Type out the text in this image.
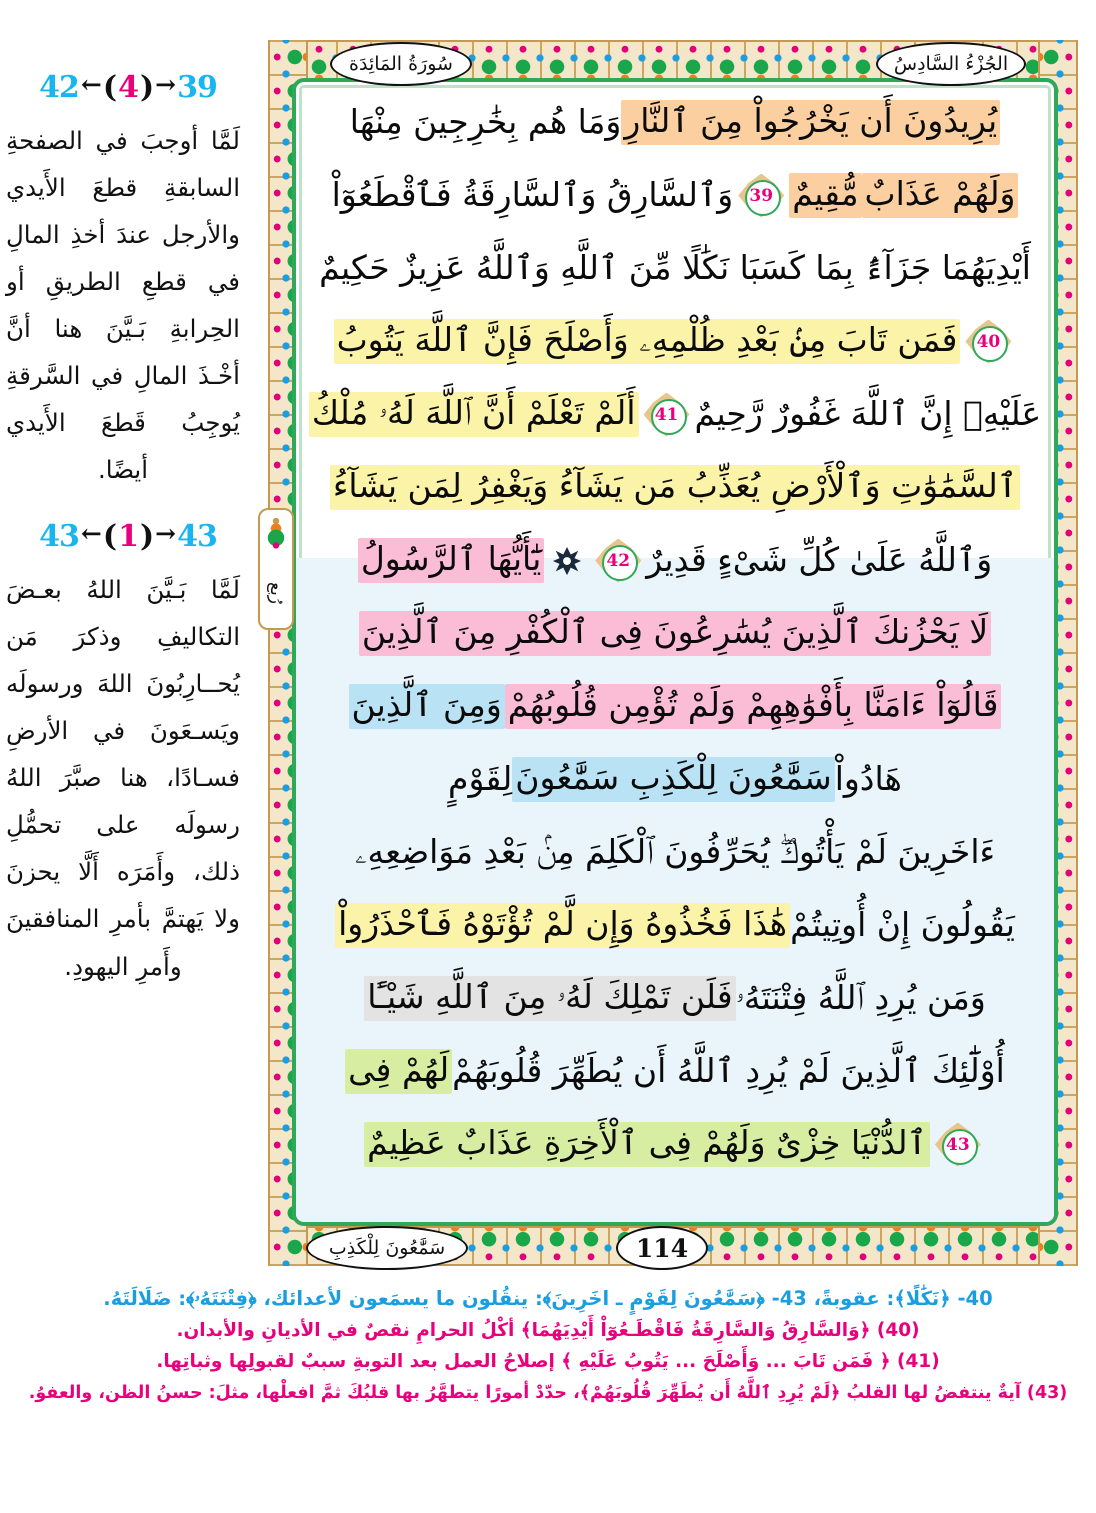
سُورَةُ المَائِدَة	الجُزْءُ السَّادِسُ
42 ← ( 4 ) → 39
لَمَّا أوجبَ في الصفحةِ السابقةِ قطعَ الأَيدي والأرجل عندَ أخذِ المالِ في قطعِ الطريقِ أو الحِرابةِ بَـيَّنَ هنا أنَّ أخْـذَ المالِ في السَّرقةِ يُوجِبُ قَطعَ الأَيدي أيضًا.
43 ← ( 1 ) → 43
لَمَّا بَـيَّنَ اللهُ بعـضَ التكاليفِ وذكرَ مَن يُحــارِبُونَ اللهَ ورسولَه ويَسـعَونَ في الأرضِ فسـادًا، هنا صبَّرَ اللهُ رسولَه على تحمُّلِ ذلك، وأَمَرَه أَلَّا يحزنَ ولا يَهتمَّ بأمرِ المنافقينَ وأَمرِ اليهودِ.
رُبع
يُرِيدُونَ أَن يَخْرُجُواْ مِنَ ٱلنَّارِ
وَمَا هُم بِخَٰرِجِينَ مِنْهَا
وَلَهُمْ عَذَابٌ
مُّقِيمٌ
39
وَٱلسَّارِقُ وَٱلسَّارِقَةُ فَٱقْطَعُوٓاْ
أَيْدِيَهُمَا جَزَآءًۢ بِمَا كَسَبَا نَكَٰلًا مِّنَ ٱللَّهِ وَٱللَّهُ عَزِيزٌ حَكِيمٌ
40
فَمَن تَابَ مِنۢ بَعْدِ ظُلْمِهِۦ وَأَصْلَحَ فَإِنَّ ٱللَّهَ يَتُوبُ
عَلَيْهِۚ إِنَّ ٱللَّهَ غَفُورٌ رَّحِيمٌ
41
أَلَمْ تَعْلَمْ أَنَّ ٱللَّهَ لَهُۥ مُلْكُ
ٱلسَّمَٰوَٰتِ وَٱلْأَرْضِ يُعَذِّبُ مَن يَشَآءُ وَيَغْفِرُ لِمَن يَشَآءُ
وَٱللَّهُ عَلَىٰ كُلِّ شَىْءٍ قَدِيرٌ
42
يَٰٓأَيُّهَا ٱلرَّسُولُ
لَا يَحْزُنكَ ٱلَّذِينَ يُسَٰرِعُونَ فِى ٱلْكُفْرِ مِنَ ٱلَّذِينَ
قَالُوٓاْ ءَامَنَّا بِأَفْوَٰهِهِمْ وَلَمْ تُؤْمِن قُلُوبُهُمْ
وَمِنَ ٱلَّذِينَ
هَادُواْ
سَمَّٰعُونَ لِلْكَذِبِ سَمَّٰعُونَ
لِقَوْمٍ
ءَاخَرِينَ لَمْ يَأْتُوكَۖ يُحَرِّفُونَ ٱلْكَلِمَ مِنۢ بَعْدِ مَوَاضِعِهِۦ
يَقُولُونَ إِنْ أُوتِيتُمْ
هَٰذَا فَخُذُوهُ وَإِن لَّمْ تُؤْتَوْهُ فَٱحْذَرُواْ
وَمَن يُرِدِ ٱللَّهُ فِتْنَتَهُۥ
فَلَن تَمْلِكَ لَهُۥ مِنَ ٱللَّهِ شَيْـًٔا
أُوْلَٰٓئِكَ ٱلَّذِينَ لَمْ يُرِدِ ٱللَّهُ أَن يُطَهِّرَ قُلُوبَهُمْ
لَهُمْ فِى
43
ٱلدُّنْيَا خِزْىٌ وَلَهُمْ فِى ٱلْأَخِرَةِ عَذَابٌ عَظِيمٌ
سَمَّٰعُونَ لِلْكَذِبِ	114
40- ﴿نَكَٰلًا﴾: عقوبةً، 43- ﴿سَمَّٰعُونَ لِقَوْمٍ ـ اخَرِينَ﴾: ينقُلون ما يسمَعون لأعدائك، ﴿فِتْنَتَهُۥ﴾: ضَلَالَتَهُ.
(40) ﴿وَالسَّارِقُ وَالسَّارِقَةُ فَاقْطَـعُوٓاْ أَيْدِيَهُمَا﴾ أكْلُ الحرامِ نقصٌ في الأديانِ والأبدان.
(41) ﴿ فَمَن تَابَ ... وَأَصْلَحَ ... يَتُوبُ عَلَيْهِ ﴾ إصلاحُ العمل بعد التوبةِ سببٌ لقبولِها وثباتِها.
(43) آيةٌ ينتفضُ لها القلبُ ﴿لَمْ يُرِدِ ٱللَّهُ أَن يُطَهِّرَ قُلُوبَهُمْ﴾، حدّدْ أمورًا يتطهَّرُ بها قلبُكَ ثمَّ افعلْها، مثلَ: حسنُ الظن، والعفوُ.
